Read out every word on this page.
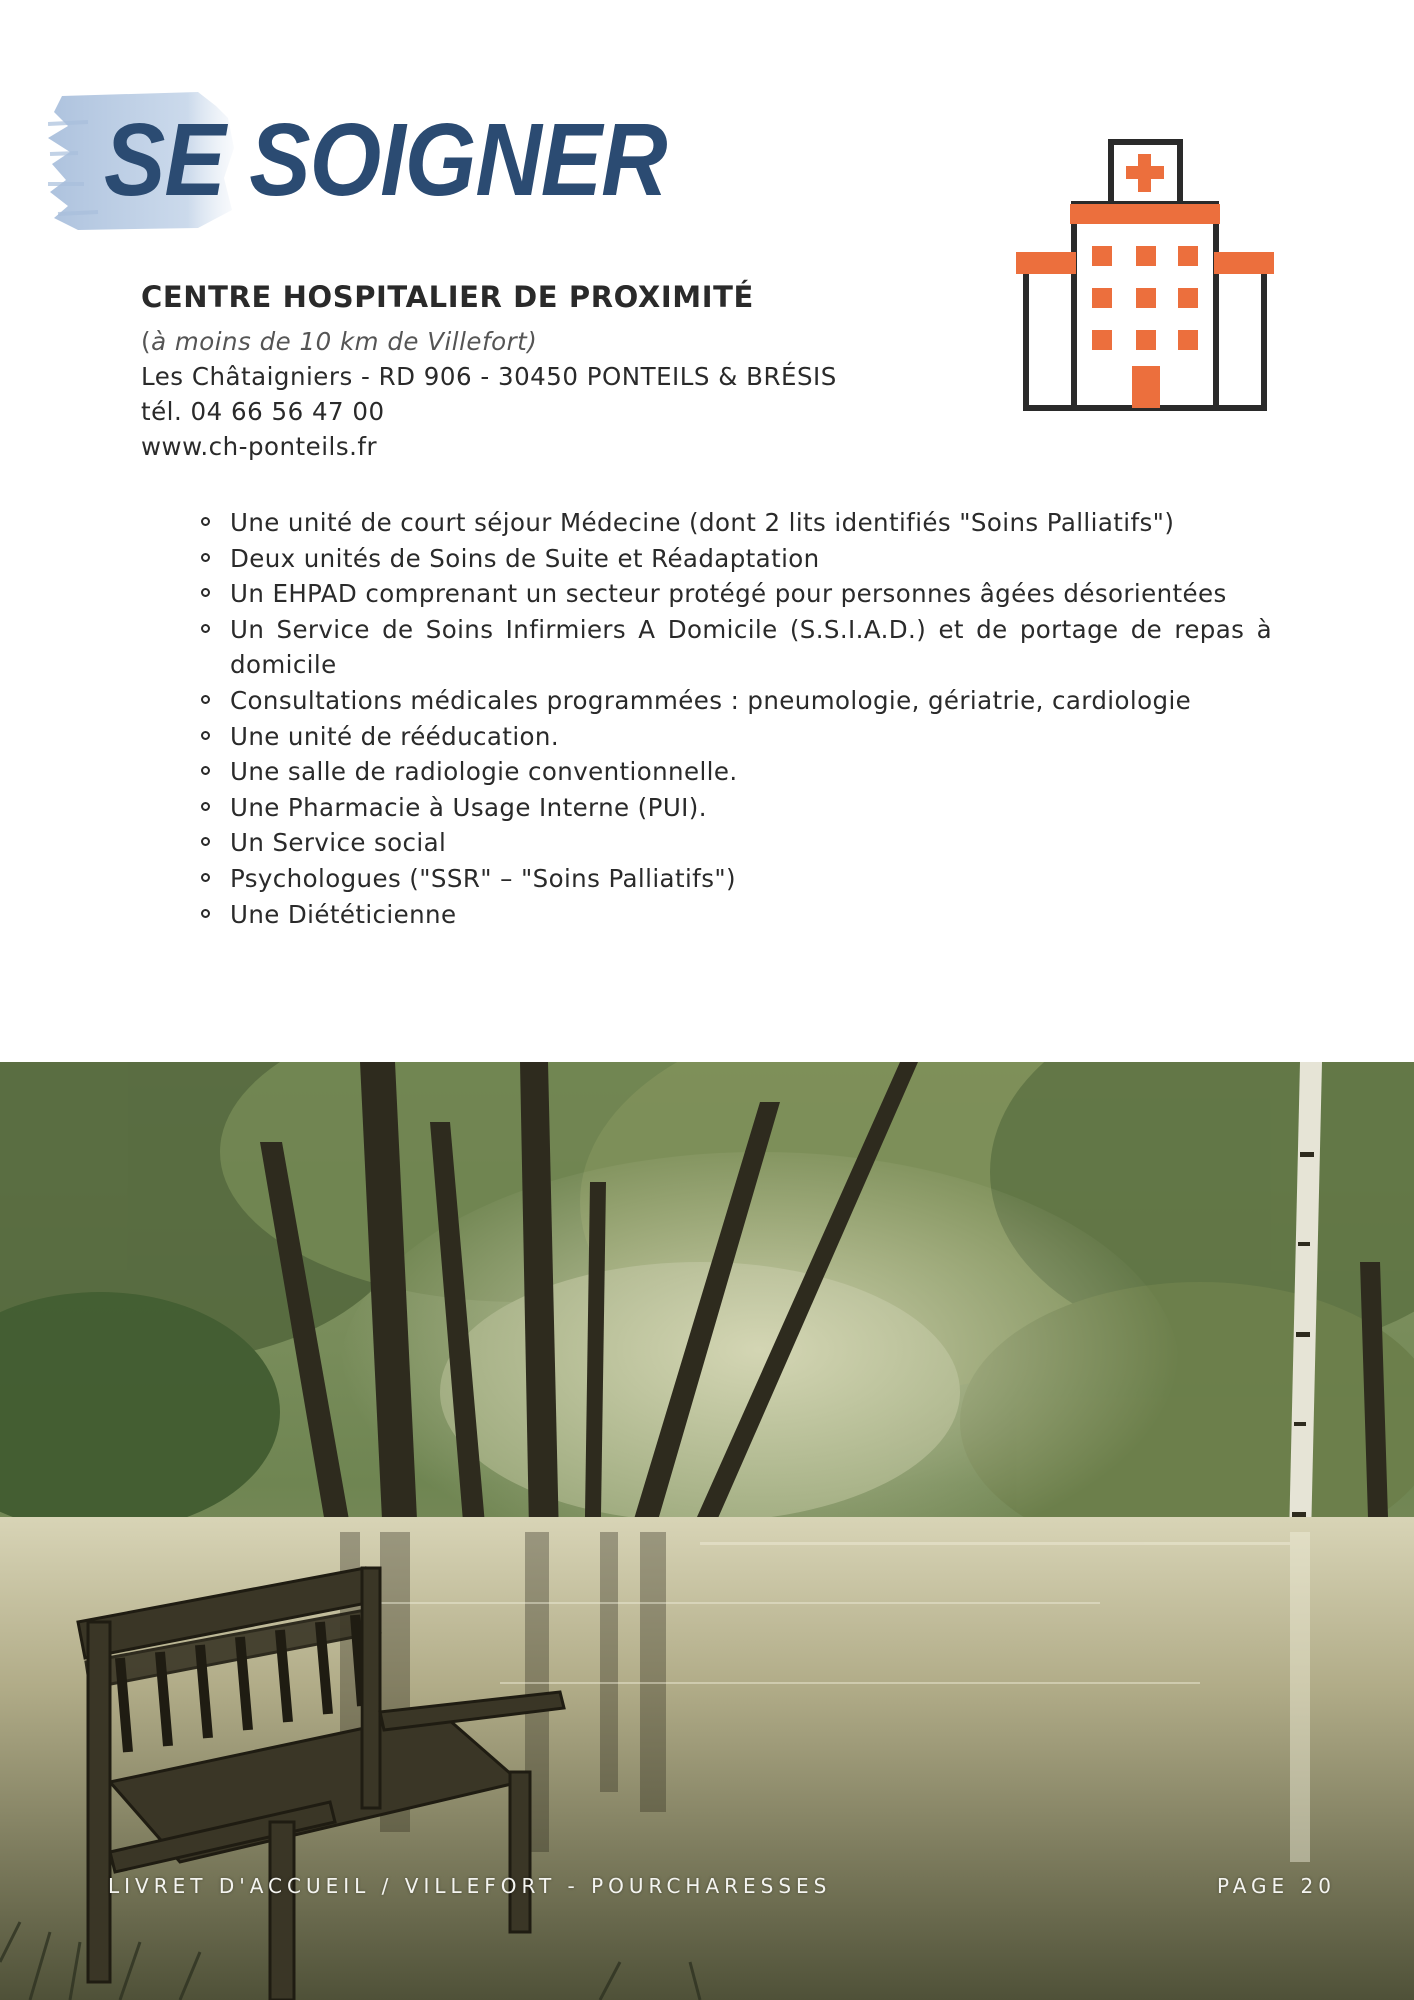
SE SOIGNER
CENTRE HOSPITALIER DE PROXIMITÉ
(à moins de 10 km de Villefort)
Les Châtaigniers - RD 906 - 30450 PONTEILS & BRÉSIS
tél. 04 66 56 47 00
www.ch-ponteils.fr
Une unité de court séjour Médecine (dont 2 lits identifiés "Soins Palliatifs")
Deux unités de Soins de Suite et Réadaptation
Un EHPAD comprenant un secteur protégé pour personnes âgées désorientées
Un Service de Soins Infirmiers A Domicile (S.S.I.A.D.) et de portage de repas à domicile
Consultations médicales programmées : pneumologie, gériatrie, cardiologie
Une unité de rééducation.
Une salle de radiologie conventionnelle.
Une Pharmacie à Usage Interne (PUI).
Un Service social
Psychologues ("SSR" – "Soins Palliatifs")
Une Diététicienne
LIVRET D'ACCUEIL / VILLEFORT - POURCHARESSES	PAGE 20
